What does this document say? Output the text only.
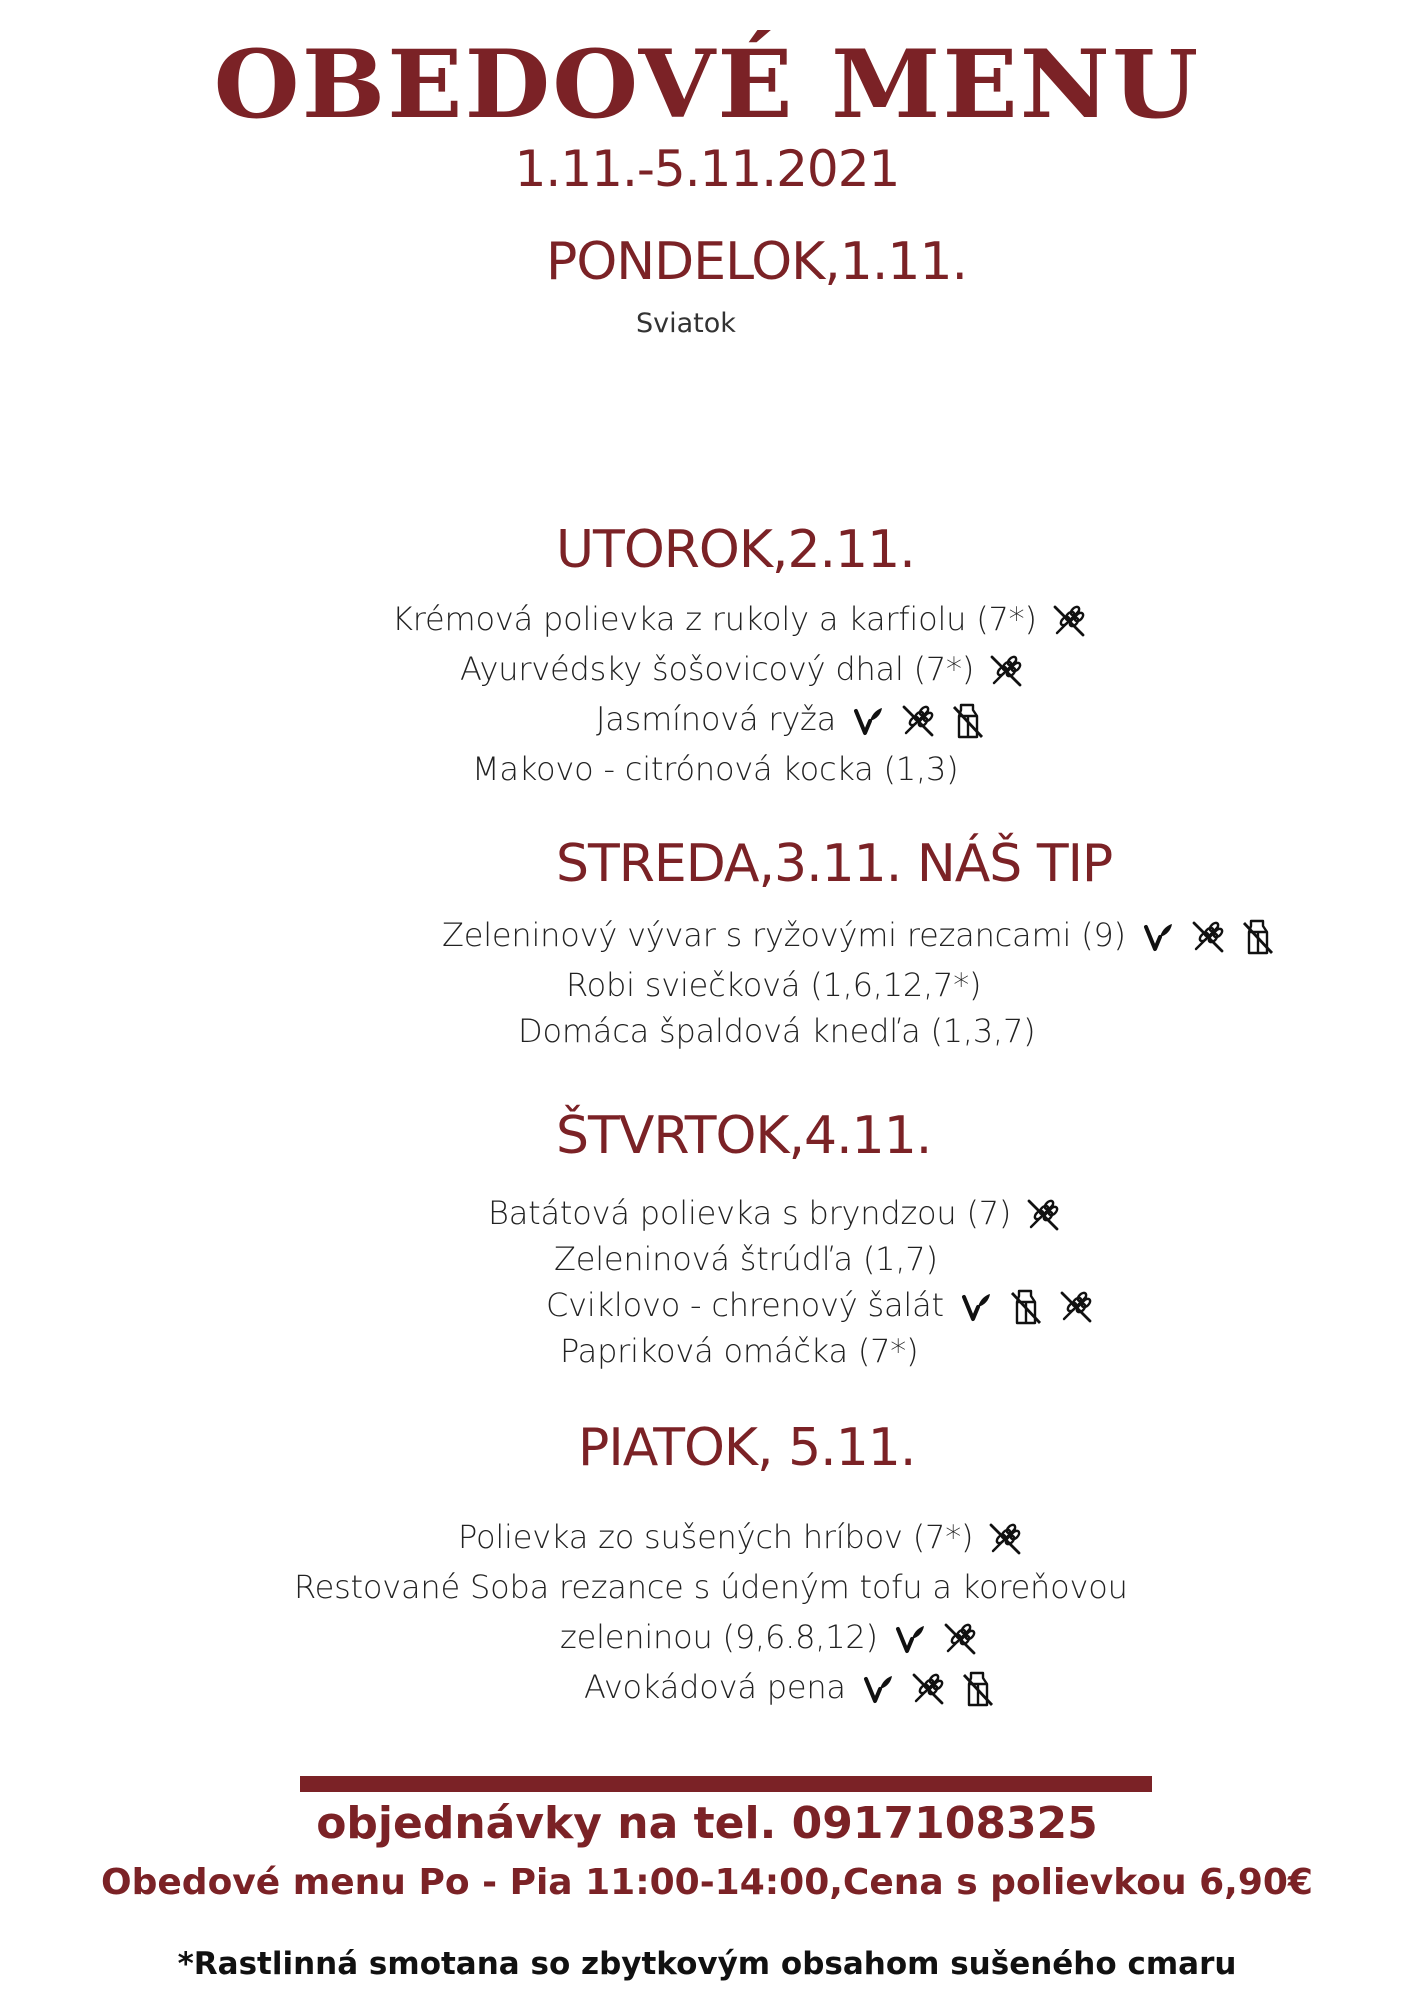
OBEDOVÉ MENU
1.11.-5.11.2021
PONDELOK,1.11.
Sviatok
UTOROK,2.11.
Krémová polievka z rukoly a karfiolu (7*)
Ayurvédsky šošovicový dhal (7*)
Jasmínová ryža
Makovo - citrónová kocka (1,3)
STREDA,3.11. NÁŠ TIP
Zeleninový vývar s ryžovými rezancami (9)
Robi sviečková (1,6,12,7*)
Domáca špaldová knedľa (1,3,7)
ŠTVRTOK,4.11.
Batátová polievka s bryndzou (7)
Zeleninová štrúdľa (1,7)
Cviklovo - chrenový šalát
Papriková omáčka (7*)
PIATOK, 5.11.
Polievka zo sušených hríbov (7*)
Restované Soba rezance s údeným tofu a koreňovou
zeleninou (9,6.8,12)
Avokádová pena
objednávky na tel. 0917108325
Obedové menu Po - Pia 11:00-14:00,Cena s polievkou 6,90€
*Rastlinná smotana so zbytkovým obsahom sušeného cmaru
